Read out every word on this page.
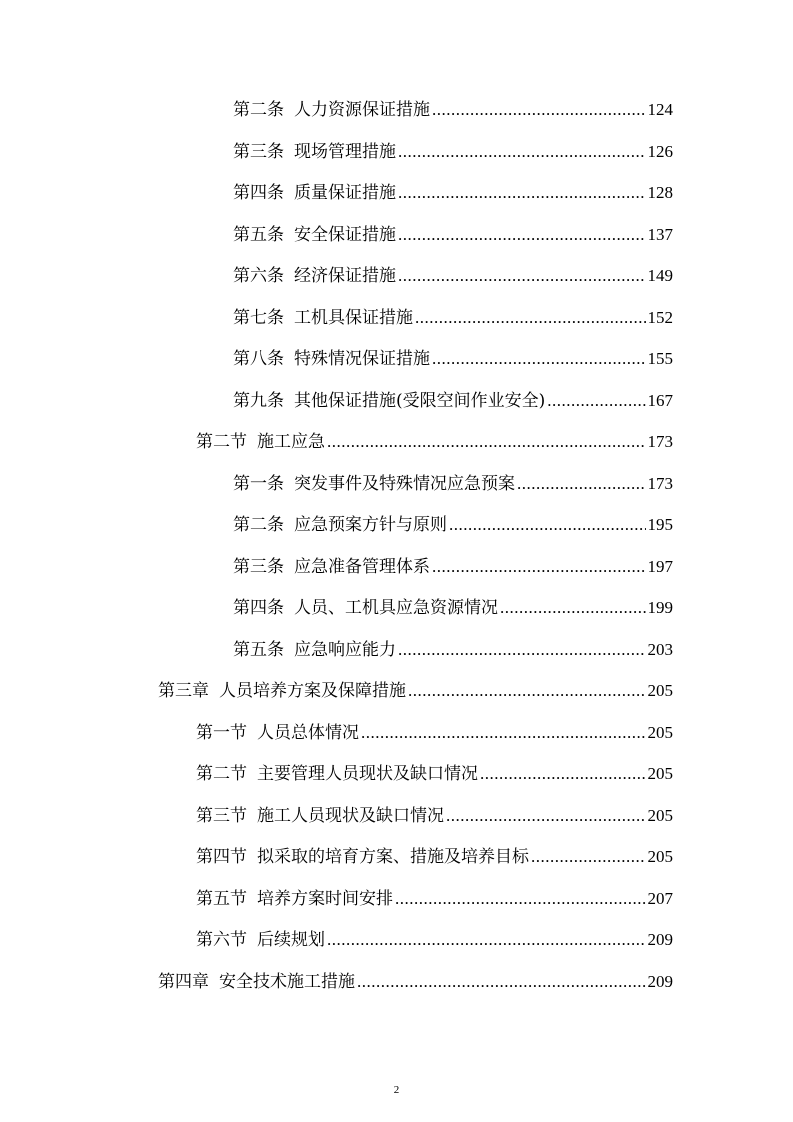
第二条 人力资源保证措施 .....	124
第三条 现场管理措施 .....	126
第四条 质量保证措施 .....	128
第五条 安全保证措施 .....	137
第六条 经济保证措施 .....	149
第七条 工机具保证措施 .....	152
第八条 特殊情况保证措施 .....	155
第九条 其他保证措施(受限空间作业安全) .....	167
第二节 施工应急 .....	173
第一条 突发事件及特殊情况应急预案 .....	173
第二条 应急预案方针与原则 .....	195
第三条 应急准备管理体系 .....	197
第四条 人员、工机具应急资源情况 .....	199
第五条 应急响应能力 .....	203
第三章 人员培养方案及保障措施 .....	205
第一节 人员总体情况 .....	205
第二节 主要管理人员现状及缺口情况 .....	205
第三节 施工人员现状及缺口情况 .....	205
第四节 拟采取的培育方案、措施及培养目标 .....	205
第五节 培养方案时间安排 .....	207
第六节 后续规划 .....	209
第四章 安全技术施工措施 .....	209
2
